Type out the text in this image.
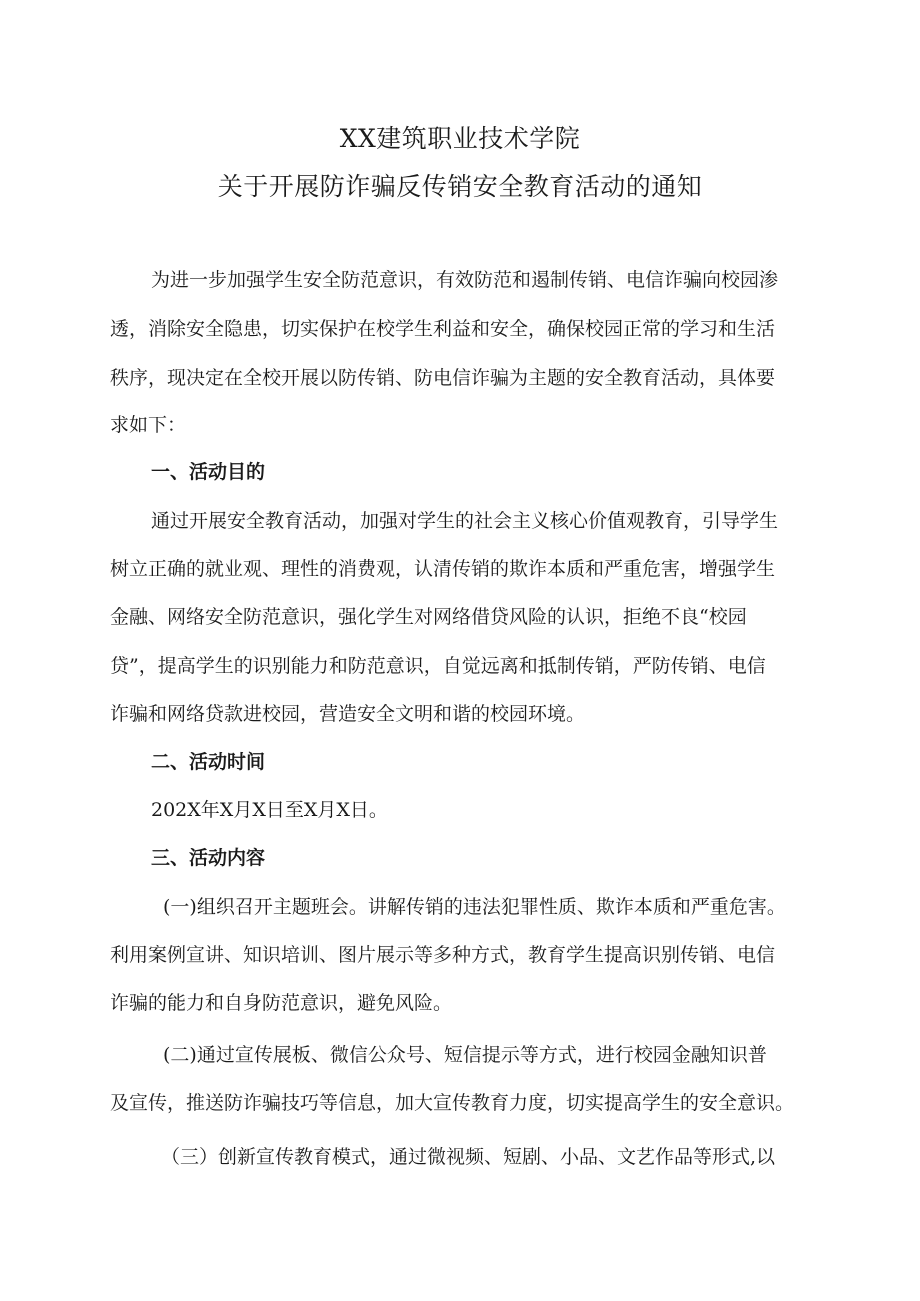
XX建筑职业技术学院
关于开展防诈骗反传销安全教育活动的通知

为进一步加强学生安全防范意识，有效防范和遏制传销、电信诈骗向校园渗

透，消除安全隐患，切实保护在校学生利益和安全，确保校园正常的学习和生活

秩序，现决定在全校开展以防传销、防电信诈骗为主题的安全教育活动，具体要

求如下：

一、活动目的

通过开展安全教育活动，加强对学生的社会主义核心价值观教育，引导学生

树立正确的就业观、理性的消费观，认清传销的欺诈本质和严重危害，增强学生

金融、网络安全防范意识，强化学生对网络借贷风险的认识，拒绝不良“校园

贷”，提高学生的识别能力和防范意识，自觉远离和抵制传销，严防传销、电信

诈骗和网络贷款进校园，营造安全文明和谐的校园环境。

二、活动时间

202X年X月X日至X月X日。

三、活动内容

(一)组织召开主题班会。讲解传销的违法犯罪性质、欺诈本质和严重危害。

利用案例宣讲、知识培训、图片展示等多种方式，教育学生提高识别传销、电信

诈骗的能力和自身防范意识，避免风险。

(二)通过宣传展板、微信公众号、短信提示等方式，进行校园金融知识普

及宣传，推送防诈骗技巧等信息，加大宣传教育力度，切实提高学生的安全意识。

（三）创新宣传教育模式，通过微视频、短剧、小品、文艺作品等形式,以
